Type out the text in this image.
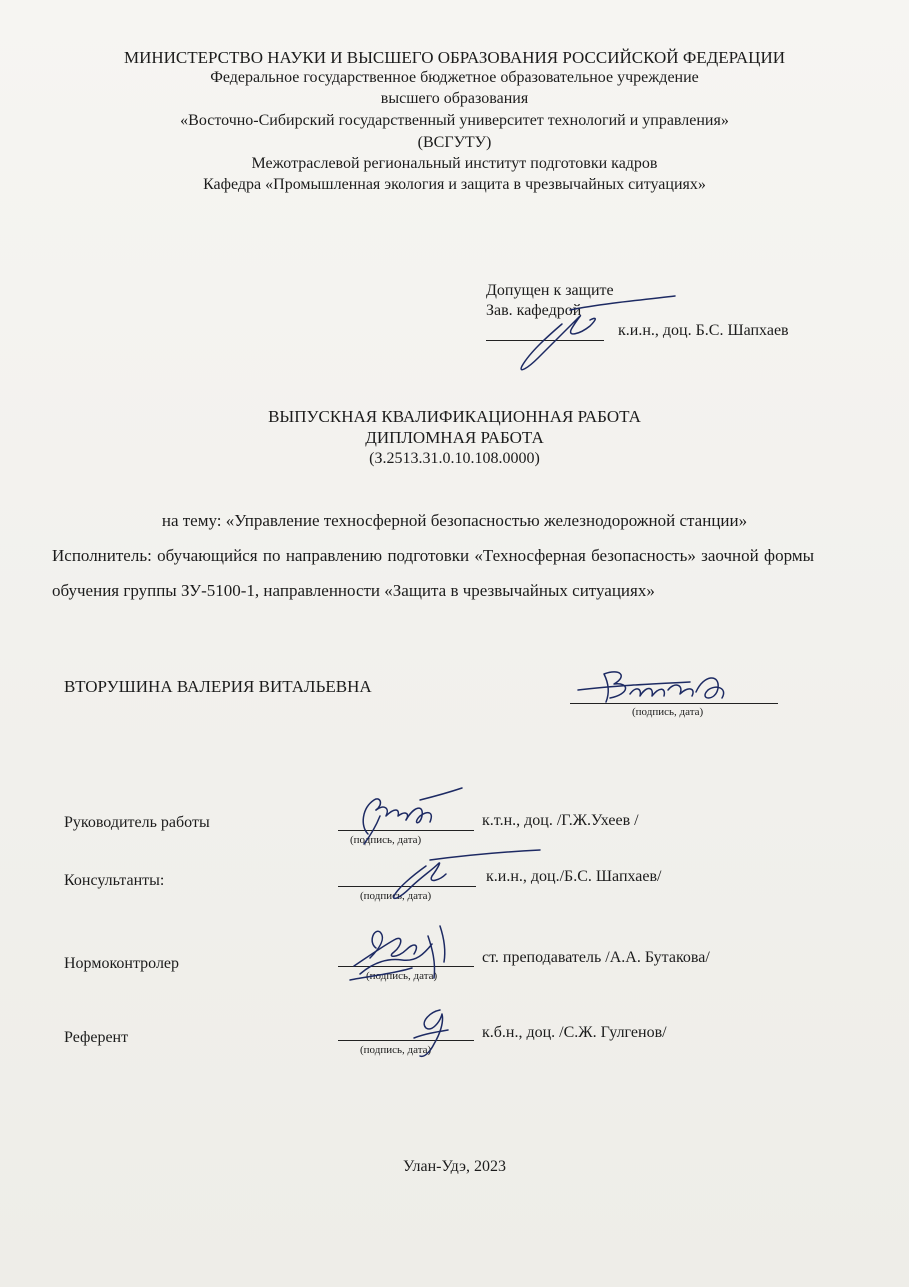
МИНИСТЕРСТВО НАУКИ И ВЫСШЕГО ОБРАЗОВАНИЯ РОССИЙСКОЙ ФЕДЕРАЦИИ
Федеральное государственное бюджетное образовательное учреждение
высшего образования
«Восточно-Сибирский государственный университет технологий и управления»
(ВСГУТУ)
Межотраслевой региональный институт подготовки кадров
Кафедра «Промышленная экология и защита в чрезвычайных ситуациях»
Допущен к защите
Зав. кафедрой
к.и.н., доц. Б.С. Шапхаев
ВЫПУСКНАЯ КВАЛИФИКАЦИОННАЯ РАБОТА
ДИПЛОМНАЯ РАБОТА
(З.2513.31.0.10.108.0000)
на тему: «Управление техносферной безопасностью железнодорожной станции»
Исполнитель: обучающийся по направлению подготовки «Техносферная безопасность» заочной формы обучения группы ЗУ-5100-1, направленности «Защита в чрезвычайных ситуациях»
ВТОРУШИНА ВАЛЕРИЯ ВИТАЛЬЕВНА
(подпись, дата)
Руководитель работы
(подпись, дата)
к.т.н., доц. /Г.Ж.Ухеев /
Консультанты:
(подпись, дата)
к.и.н., доц./Б.С. Шапхаев/
Нормоконтролер
(подпись, дата)
ст. преподаватель /А.А. Бутакова/
Референт
(подпись, дата)
к.б.н., доц. /С.Ж. Гулгенов/
Улан-Удэ, 2023
